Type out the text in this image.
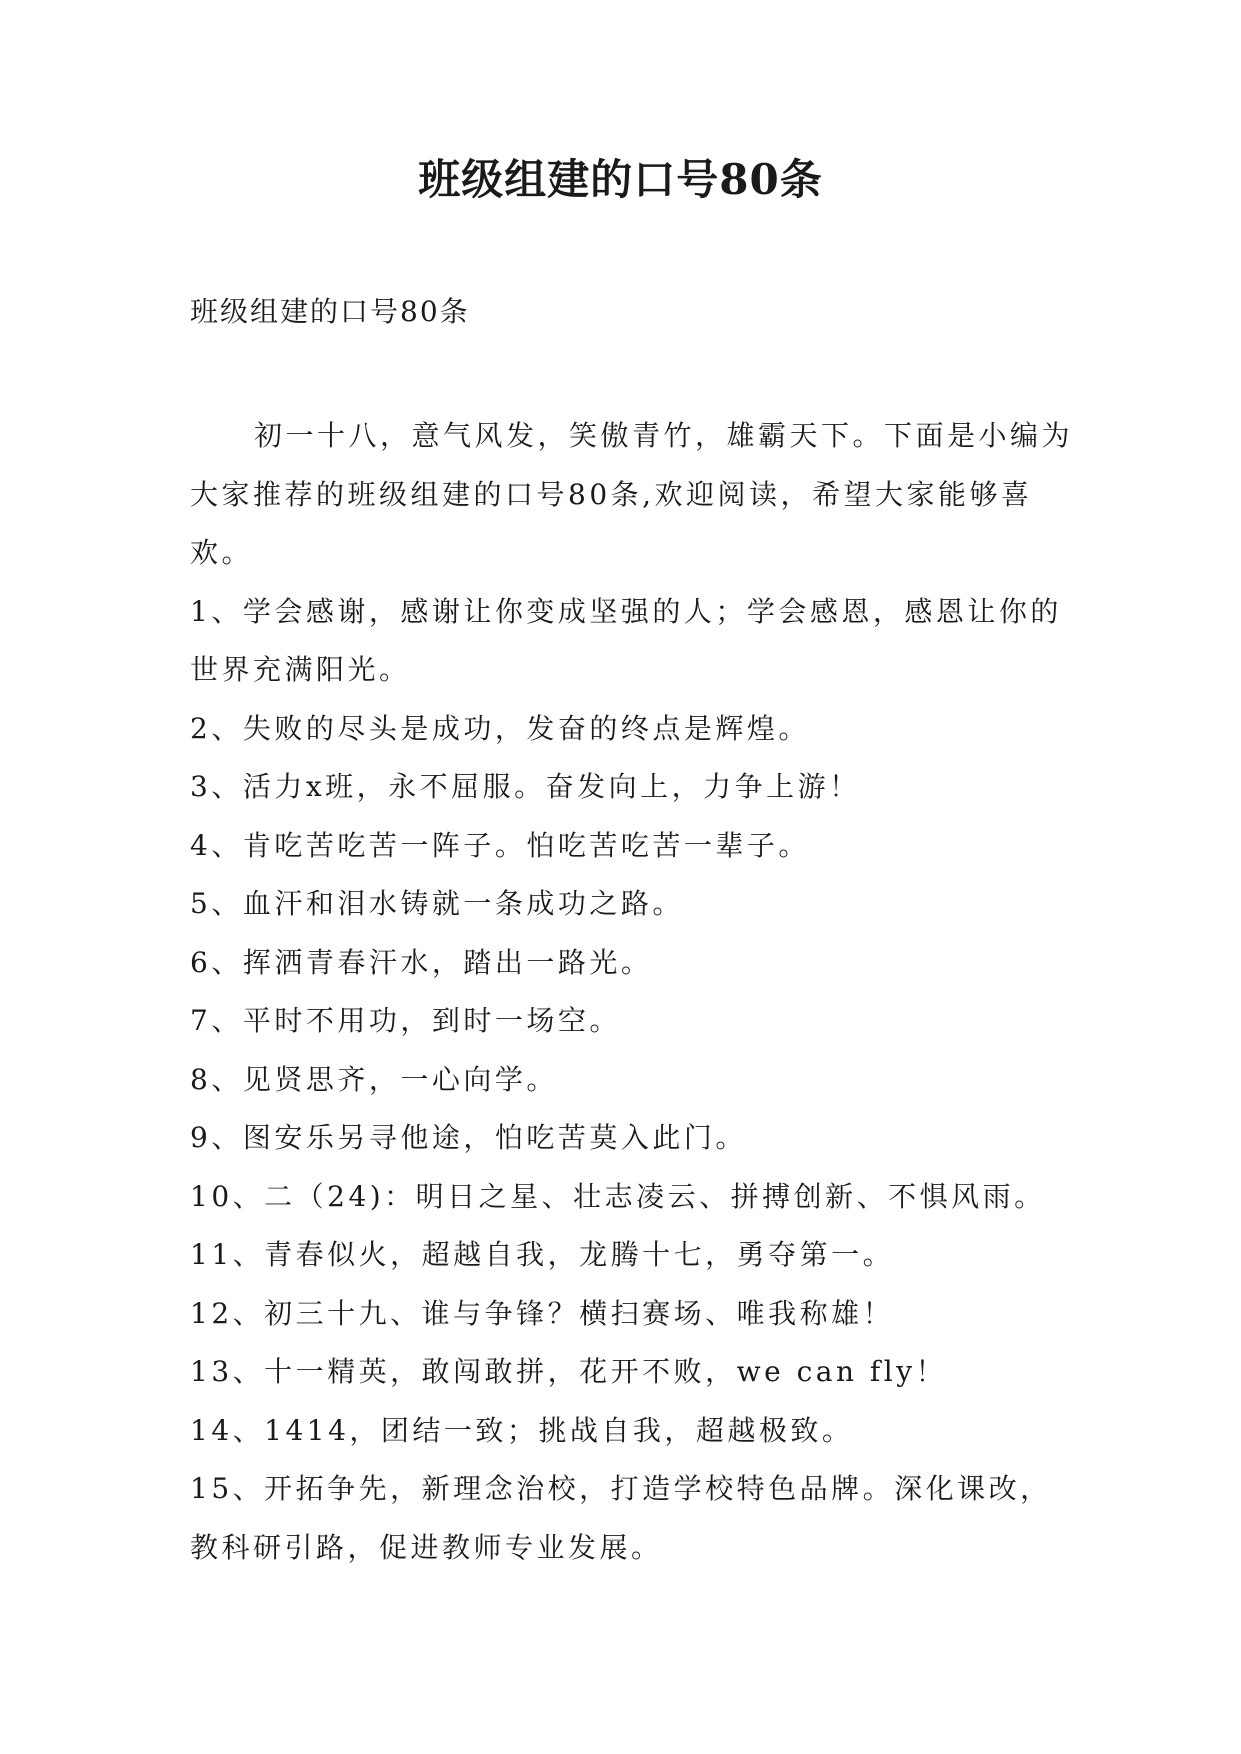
班级组建的口号80条
班级组建的口号80条

初一十八，意气风发，笑傲青竹，雄霸天下。下面是小编为大家推荐的班级组建的口号80条,欢迎阅读，希望大家能够喜欢。

1、学会感谢，感谢让你变成坚强的人；学会感恩，感恩让你的世界充满阳光。

2、失败的尽头是成功，发奋的终点是辉煌。

3、活力x班，永不屈服。奋发向上，力争上游！

4、肯吃苦吃苦一阵子。怕吃苦吃苦一辈子。

5、血汗和泪水铸就一条成功之路。

6、挥洒青春汗水，踏出一路光。

7、平时不用功，到时一场空。

8、见贤思齐，一心向学。

9、图安乐另寻他途，怕吃苦莫入此门。

10、二（24)：明日之星、壮志凌云、拼搏创新、不惧风雨。

11、青春似火，超越自我，龙腾十七，勇夺第一。

12、初三十九、谁与争锋？横扫赛场、唯我称雄！

13、十一精英，敢闯敢拼，花开不败，we can fly！

14、1414，团结一致；挑战自我，超越极致。

15、开拓争先，新理念治校，打造学校特色品牌。深化课改，教科研引路，促进教师专业发展。
